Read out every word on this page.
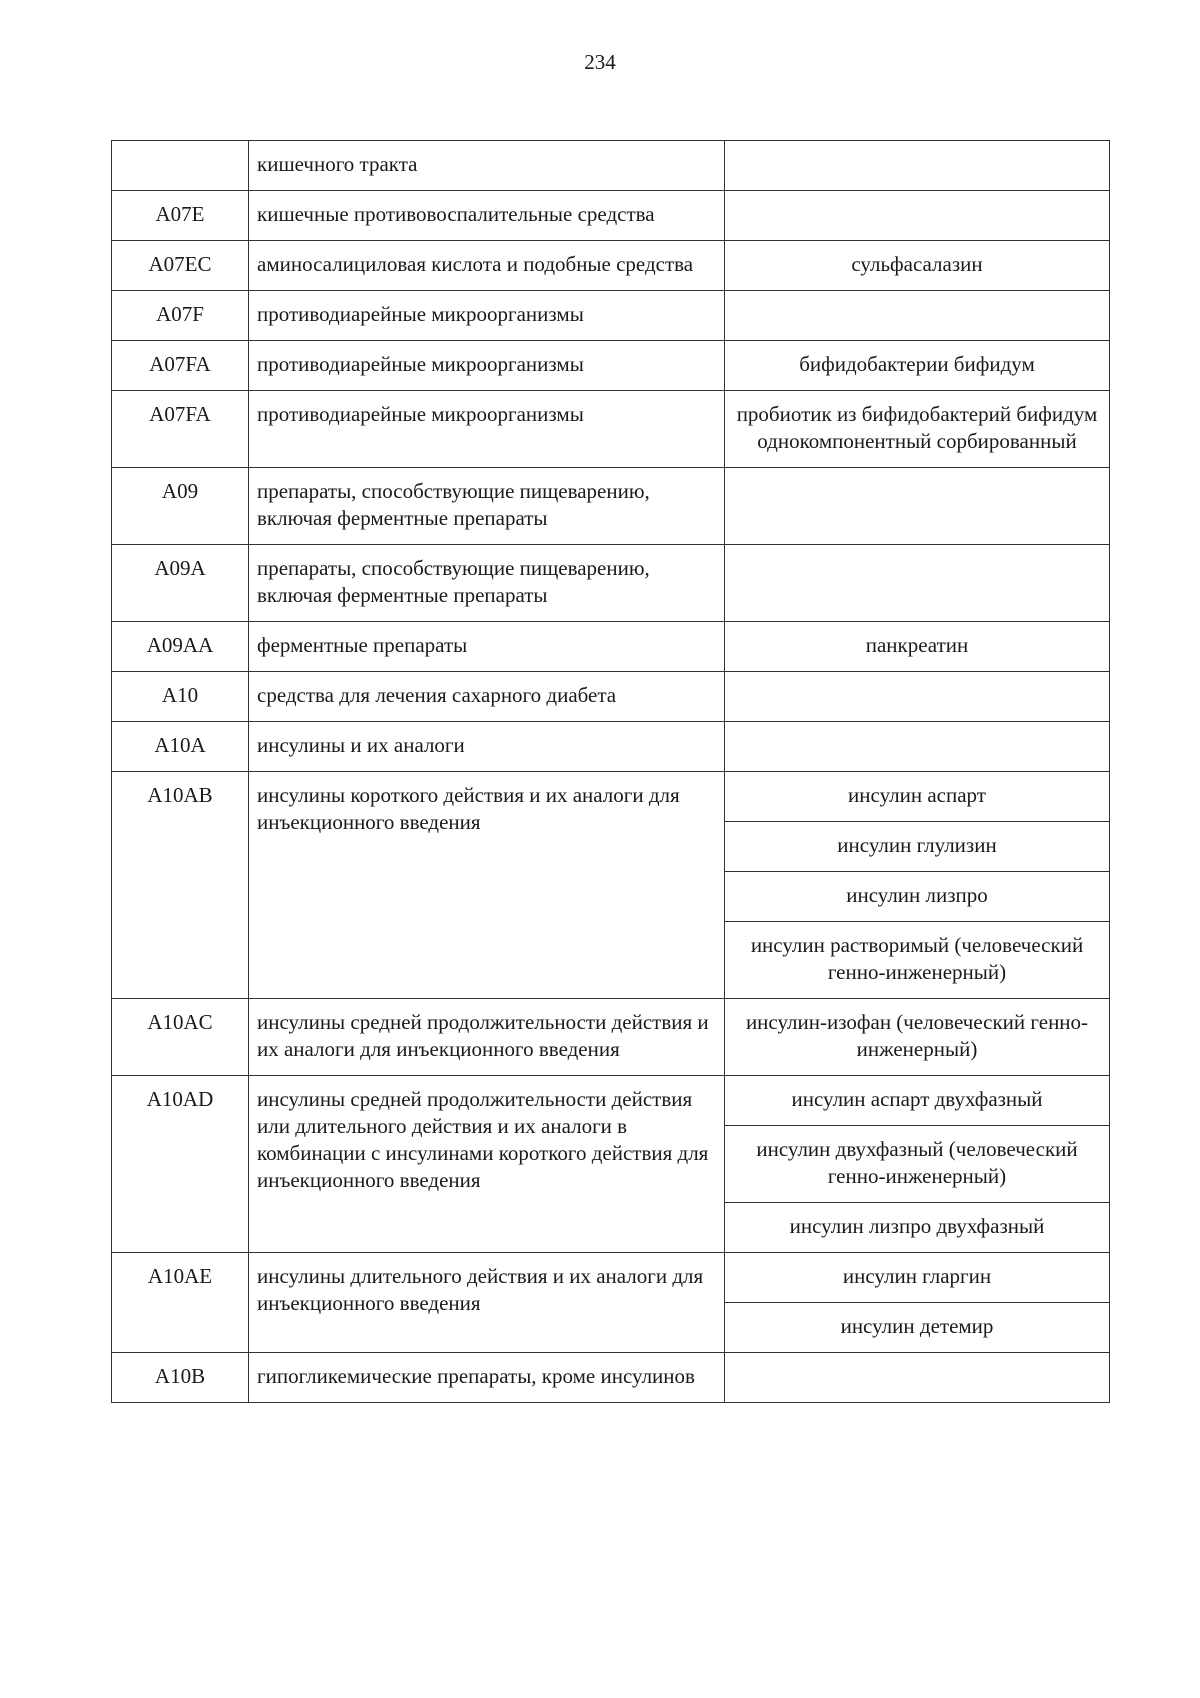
234
	кишечного тракта	
A07E	кишечные противовоспалительные средства	
A07EC	аминосалициловая кислота и подобные средства	сульфасалазин
A07F	противодиарейные микроорганизмы	
A07FA	противодиарейные микроорганизмы	бифидобактерии бифидум
A07FA	противодиарейные микроорганизмы	пробиотик из бифидобактерий бифидум однокомпонентный сорбированный
A09	препараты, способствующие пищеварению, включая ферментные препараты	
A09A	препараты, способствующие пищеварению, включая ферментные препараты	
A09AA	ферментные препараты	панкреатин
A10	средства для лечения сахарного диабета	
A10A	инсулины и их аналоги	
A10AB	инсулины короткого действия и их аналоги для инъекционного введения	инсулин аспарт
		инсулин глулизин
		инсулин лизпро
		инсулин растворимый (человеческий генно-инженерный)
A10AC	инсулины средней продолжительности действия и их аналоги для инъекционного введения	инсулин-изофан (человеческий генно-инженерный)
A10AD	инсулины средней продолжительности действия или длительного действия и их аналоги в комбинации с инсулинами короткого действия для инъекционного введения	инсулин аспарт двухфазный
		инсулин двухфазный (человеческий генно-инженерный)
		инсулин лизпро двухфазный
A10AE	инсулины длительного действия и их аналоги для инъекционного введения	инсулин гларгин
		инсулин детемир
A10B	гипогликемические препараты, кроме инсулинов	
